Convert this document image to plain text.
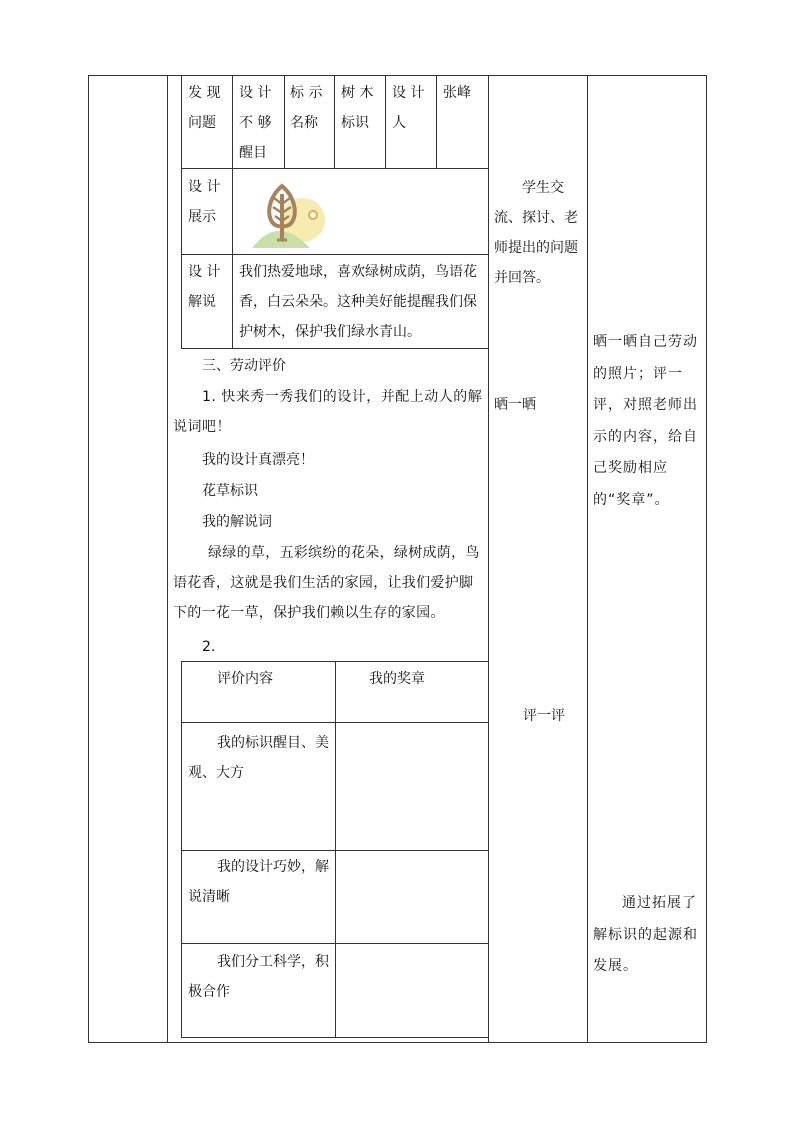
发 现 问题
设 计 不 够 醒目
标 示 名称
树 木 标识
设 计 人
张峰
设 计 展示
设 计 解说
我们热爱地球，喜欢绿树成荫，鸟语花香，白云朵朵。这种美好能提醒我们保护树木，保护我们绿水青山。
三、劳动评价
1. 快来秀一秀我们的设计，并配上动人的解说词吧！
我的设计真漂亮！
花草标识
我的解说词
绿绿的草，五彩缤纷的花朵，绿树成荫，鸟语花香，这就是我们生活的家园，让我们爱护脚下的一花一草，保护我们赖以生存的家园。
2.
评价内容	我的奖章
我的标识醒目、美观、大方
我的设计巧妙，解说清晰
我们分工科学，积极合作
学生交流、探讨、老师提出的问题并回答。
晒一晒
评一评
晒一晒自己劳动的照片；评一评，对照老师出示的内容，给自己奖励相应的“奖章”。
通过拓展了解标识的起源和发展。
